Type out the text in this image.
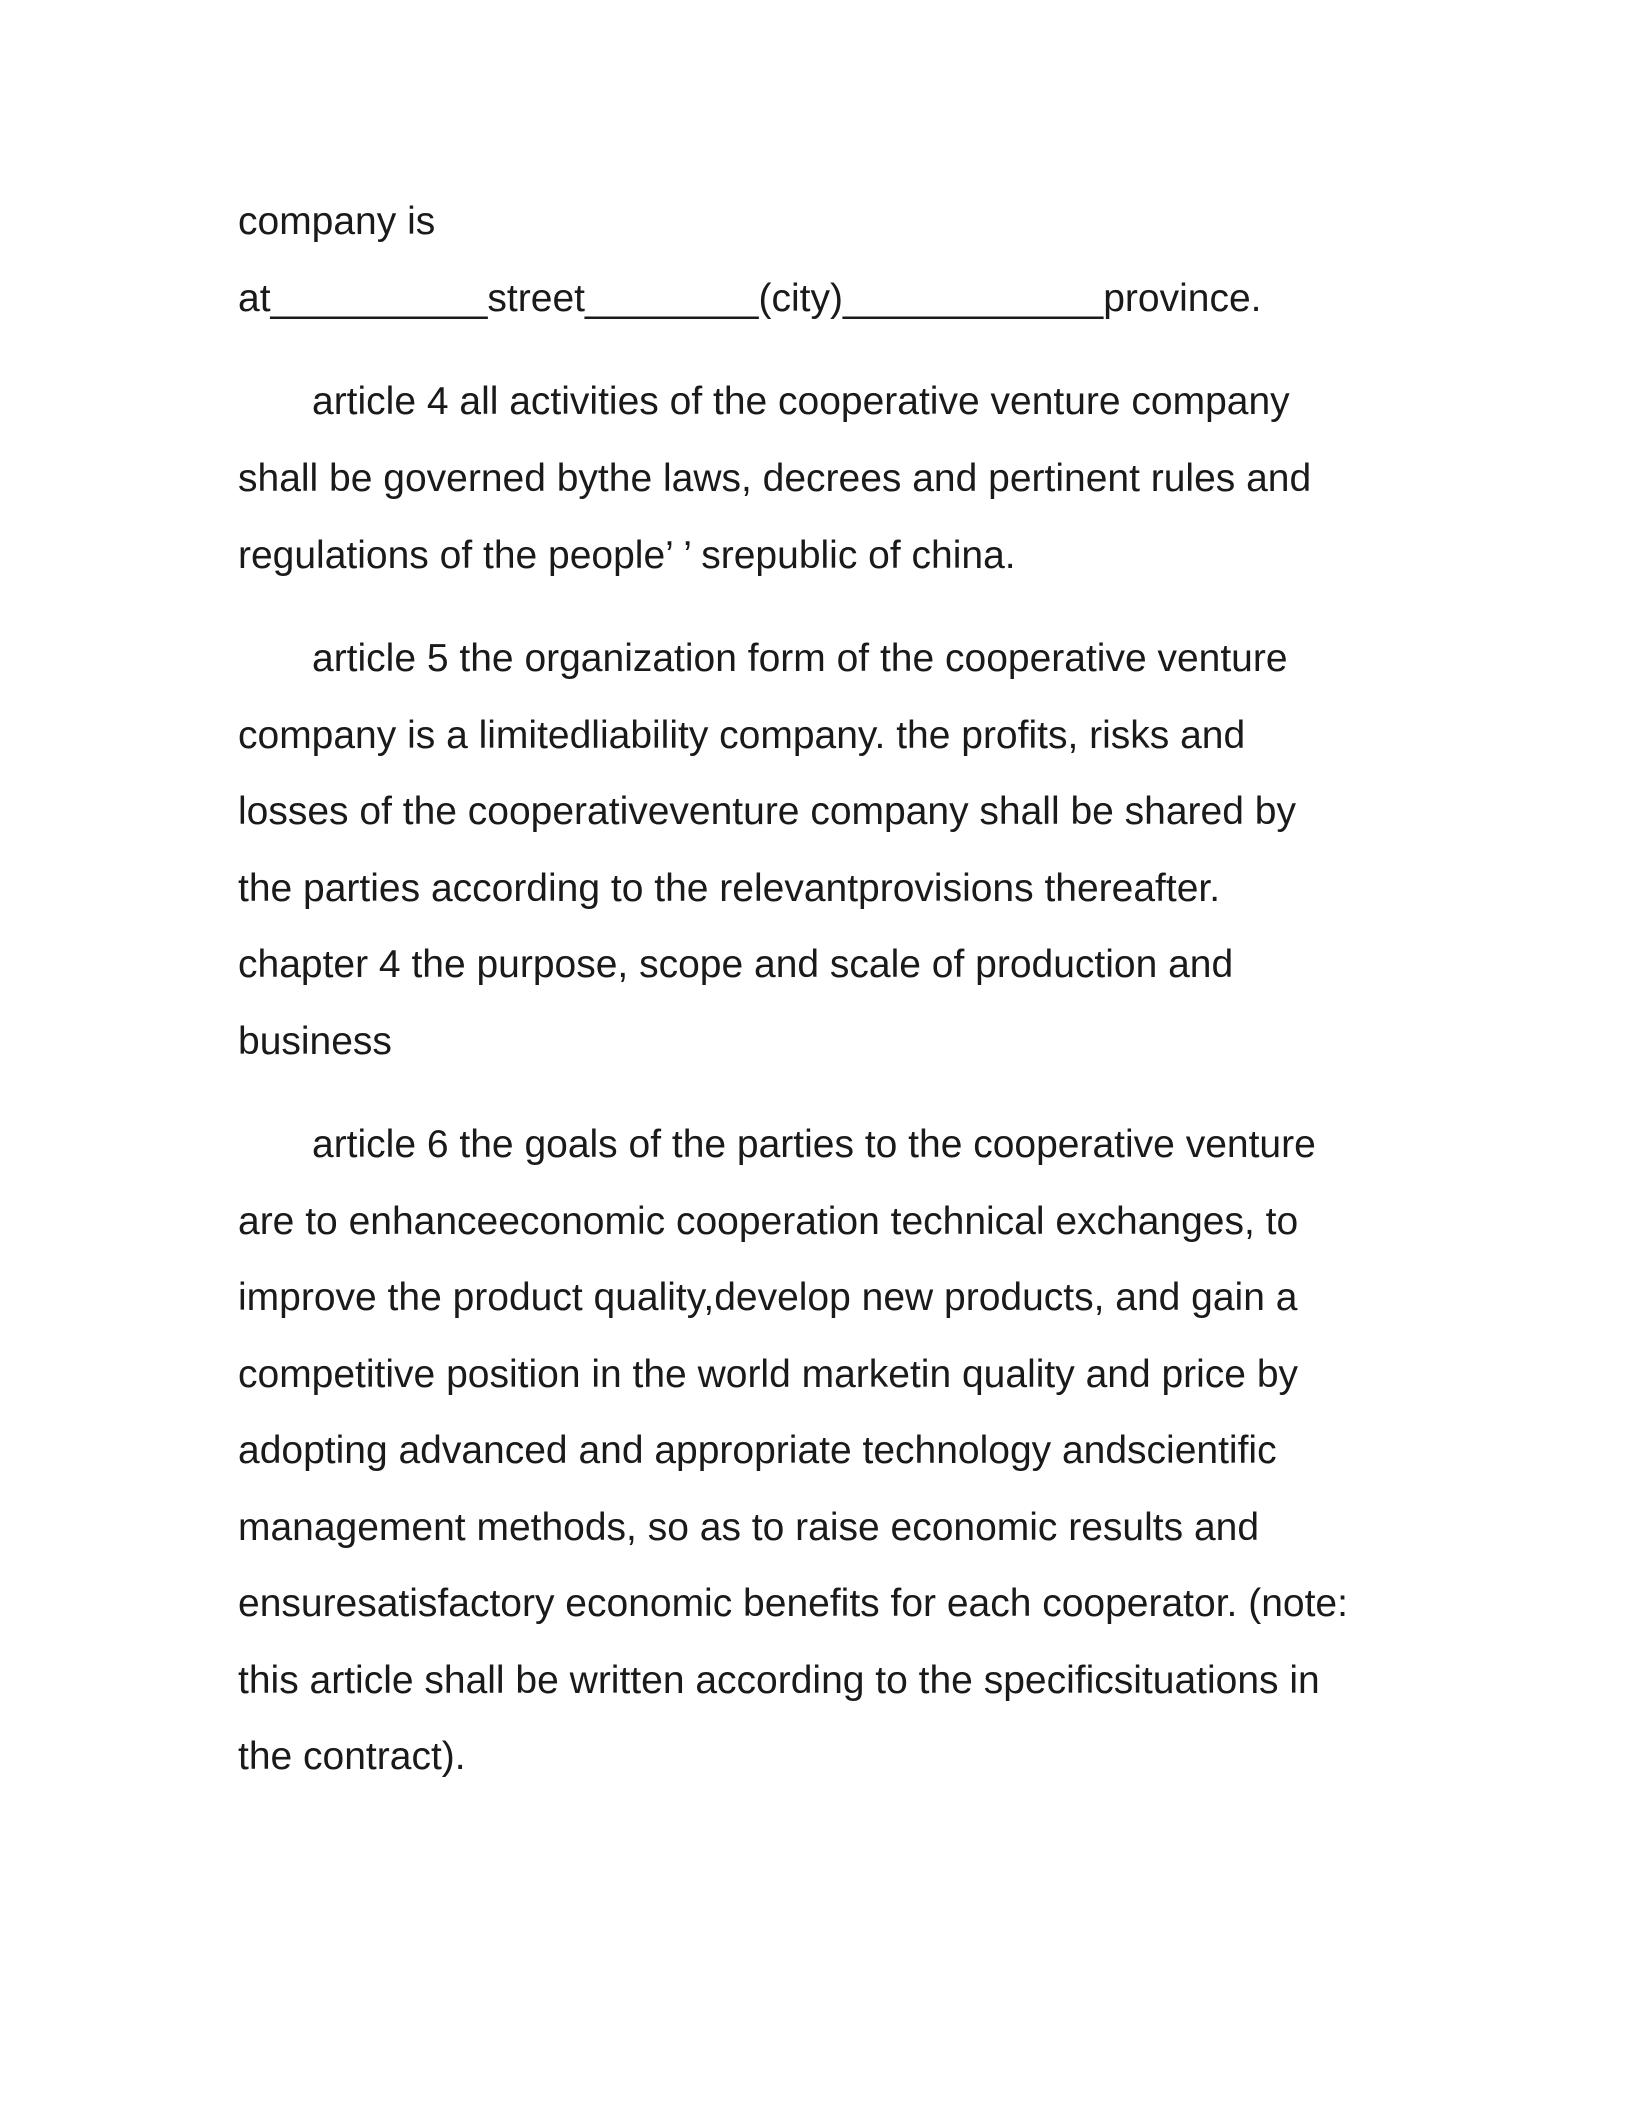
company is
at__________street________(city)____________province.
article 4 all activities of the cooperative venture company
shall be governed bythe laws, decrees and pertinent rules and
regulations of the people’ ’ srepublic of china.
article 5 the organization form of the cooperative venture
company is a limitedliability company. the profits, risks and
losses of the cooperativeventure company shall be shared by
the parties according to the relevantprovisions thereafter.
chapter 4 the purpose, scope and scale of production and
business
article 6 the goals of the parties to the cooperative venture
are to enhanceeconomic cooperation technical exchanges, to
improve the product quality,develop new products, and gain a
competitive position in the world marketin quality and price by
adopting advanced and appropriate technology andscientific
management methods, so as to raise economic results and
ensuresatisfactory economic benefits for each cooperator. (note:
this article shall be written according to the specificsituations in
the contract).
